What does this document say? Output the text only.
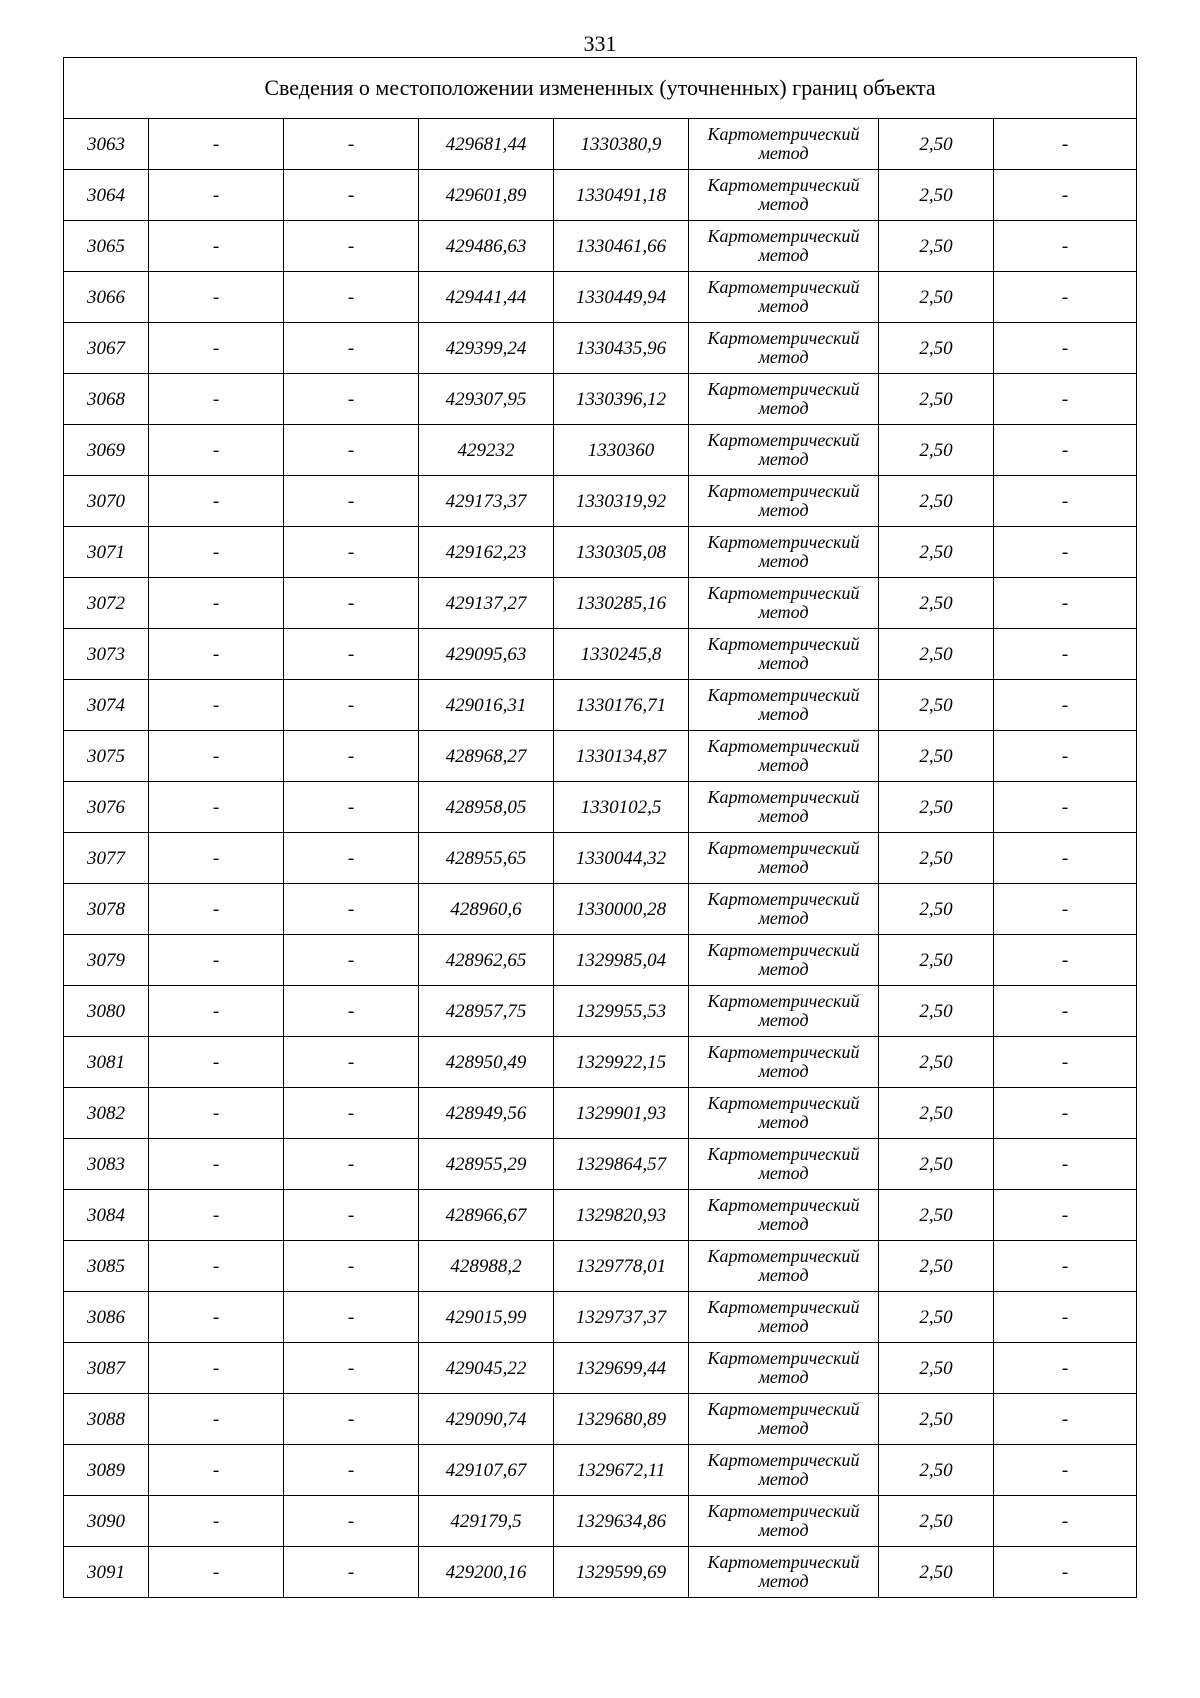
331
Сведения о местоположении измененных (уточненных) границ объекта							
3063	-	-	429681,44	1330380,9	Картометрический метод	2,50	-
3064	-	-	429601,89	1330491,18	Картометрический метод	2,50	-
3065	-	-	429486,63	1330461,66	Картометрический метод	2,50	-
3066	-	-	429441,44	1330449,94	Картометрический метод	2,50	-
3067	-	-	429399,24	1330435,96	Картометрический метод	2,50	-
3068	-	-	429307,95	1330396,12	Картометрический метод	2,50	-
3069	-	-	429232	1330360	Картометрический метод	2,50	-
3070	-	-	429173,37	1330319,92	Картометрический метод	2,50	-
3071	-	-	429162,23	1330305,08	Картометрический метод	2,50	-
3072	-	-	429137,27	1330285,16	Картометрический метод	2,50	-
3073	-	-	429095,63	1330245,8	Картометрический метод	2,50	-
3074	-	-	429016,31	1330176,71	Картометрический метод	2,50	-
3075	-	-	428968,27	1330134,87	Картометрический метод	2,50	-
3076	-	-	428958,05	1330102,5	Картометрический метод	2,50	-
3077	-	-	428955,65	1330044,32	Картометрический метод	2,50	-
3078	-	-	428960,6	1330000,28	Картометрический метод	2,50	-
3079	-	-	428962,65	1329985,04	Картометрический метод	2,50	-
3080	-	-	428957,75	1329955,53	Картометрический метод	2,50	-
3081	-	-	428950,49	1329922,15	Картометрический метод	2,50	-
3082	-	-	428949,56	1329901,93	Картометрический метод	2,50	-
3083	-	-	428955,29	1329864,57	Картометрический метод	2,50	-
3084	-	-	428966,67	1329820,93	Картометрический метод	2,50	-
3085	-	-	428988,2	1329778,01	Картометрический метод	2,50	-
3086	-	-	429015,99	1329737,37	Картометрический метод	2,50	-
3087	-	-	429045,22	1329699,44	Картометрический метод	2,50	-
3088	-	-	429090,74	1329680,89	Картометрический метод	2,50	-
3089	-	-	429107,67	1329672,11	Картометрический метод	2,50	-
3090	-	-	429179,5	1329634,86	Картометрический метод	2,50	-
3091	-	-	429200,16	1329599,69	Картометрический метод	2,50	-
